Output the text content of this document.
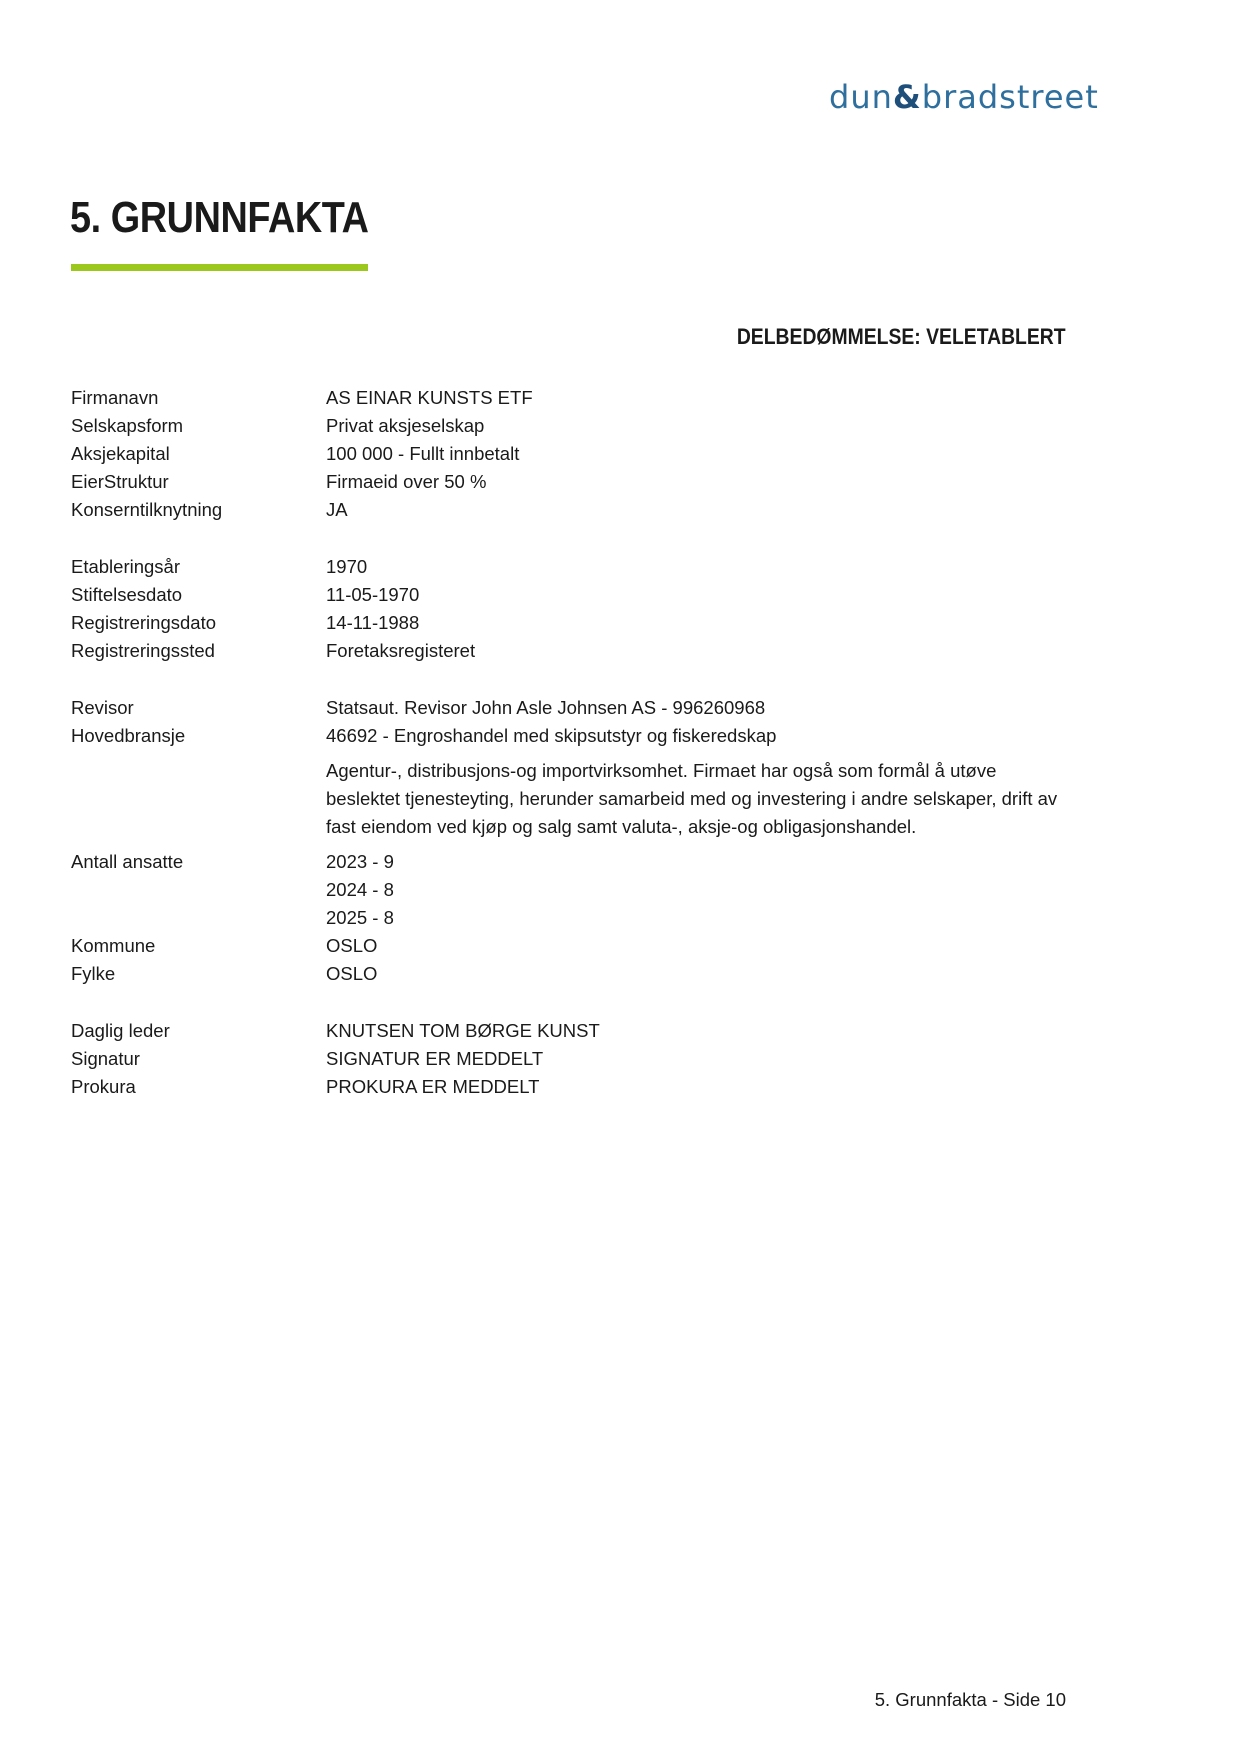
dun&bradstreet
5. GRUNNFAKTA
DELBEDØMMELSE: VELETABLERT
Firmanavn	AS EINAR KUNSTS ETF
Selskapsform	Privat aksjeselskap
Aksjekapital	100 000 - Fullt innbetalt
EierStruktur	Firmaeid over 50 %
Konserntilknytning	JA
Etableringsår	1970
Stiftelsesdato	11-05-1970
Registreringsdato	14-11-1988
Registreringssted	Foretaksregisteret
Revisor	Statsaut. Revisor John Asle Johnsen AS - 996260968
Hovedbransje	46692 - Engroshandel med skipsutstyr og fiskeredskap
Agentur-, distribusjons-og importvirksomhet. Firmaet har også som formål å utøve beslektet tjenesteyting, herunder samarbeid med og investering i andre selskaper, drift av fast eiendom ved kjøp og salg samt valuta-, aksje-og obligasjonshandel.
Antall ansatte	2023 - 9
2024 - 8
2025 - 8
Kommune	OSLO
Fylke	OSLO
Daglig leder	KNUTSEN TOM BØRGE KUNST
Signatur	SIGNATUR ER MEDDELT
Prokura	PROKURA ER MEDDELT
5. Grunnfakta - Side 10
